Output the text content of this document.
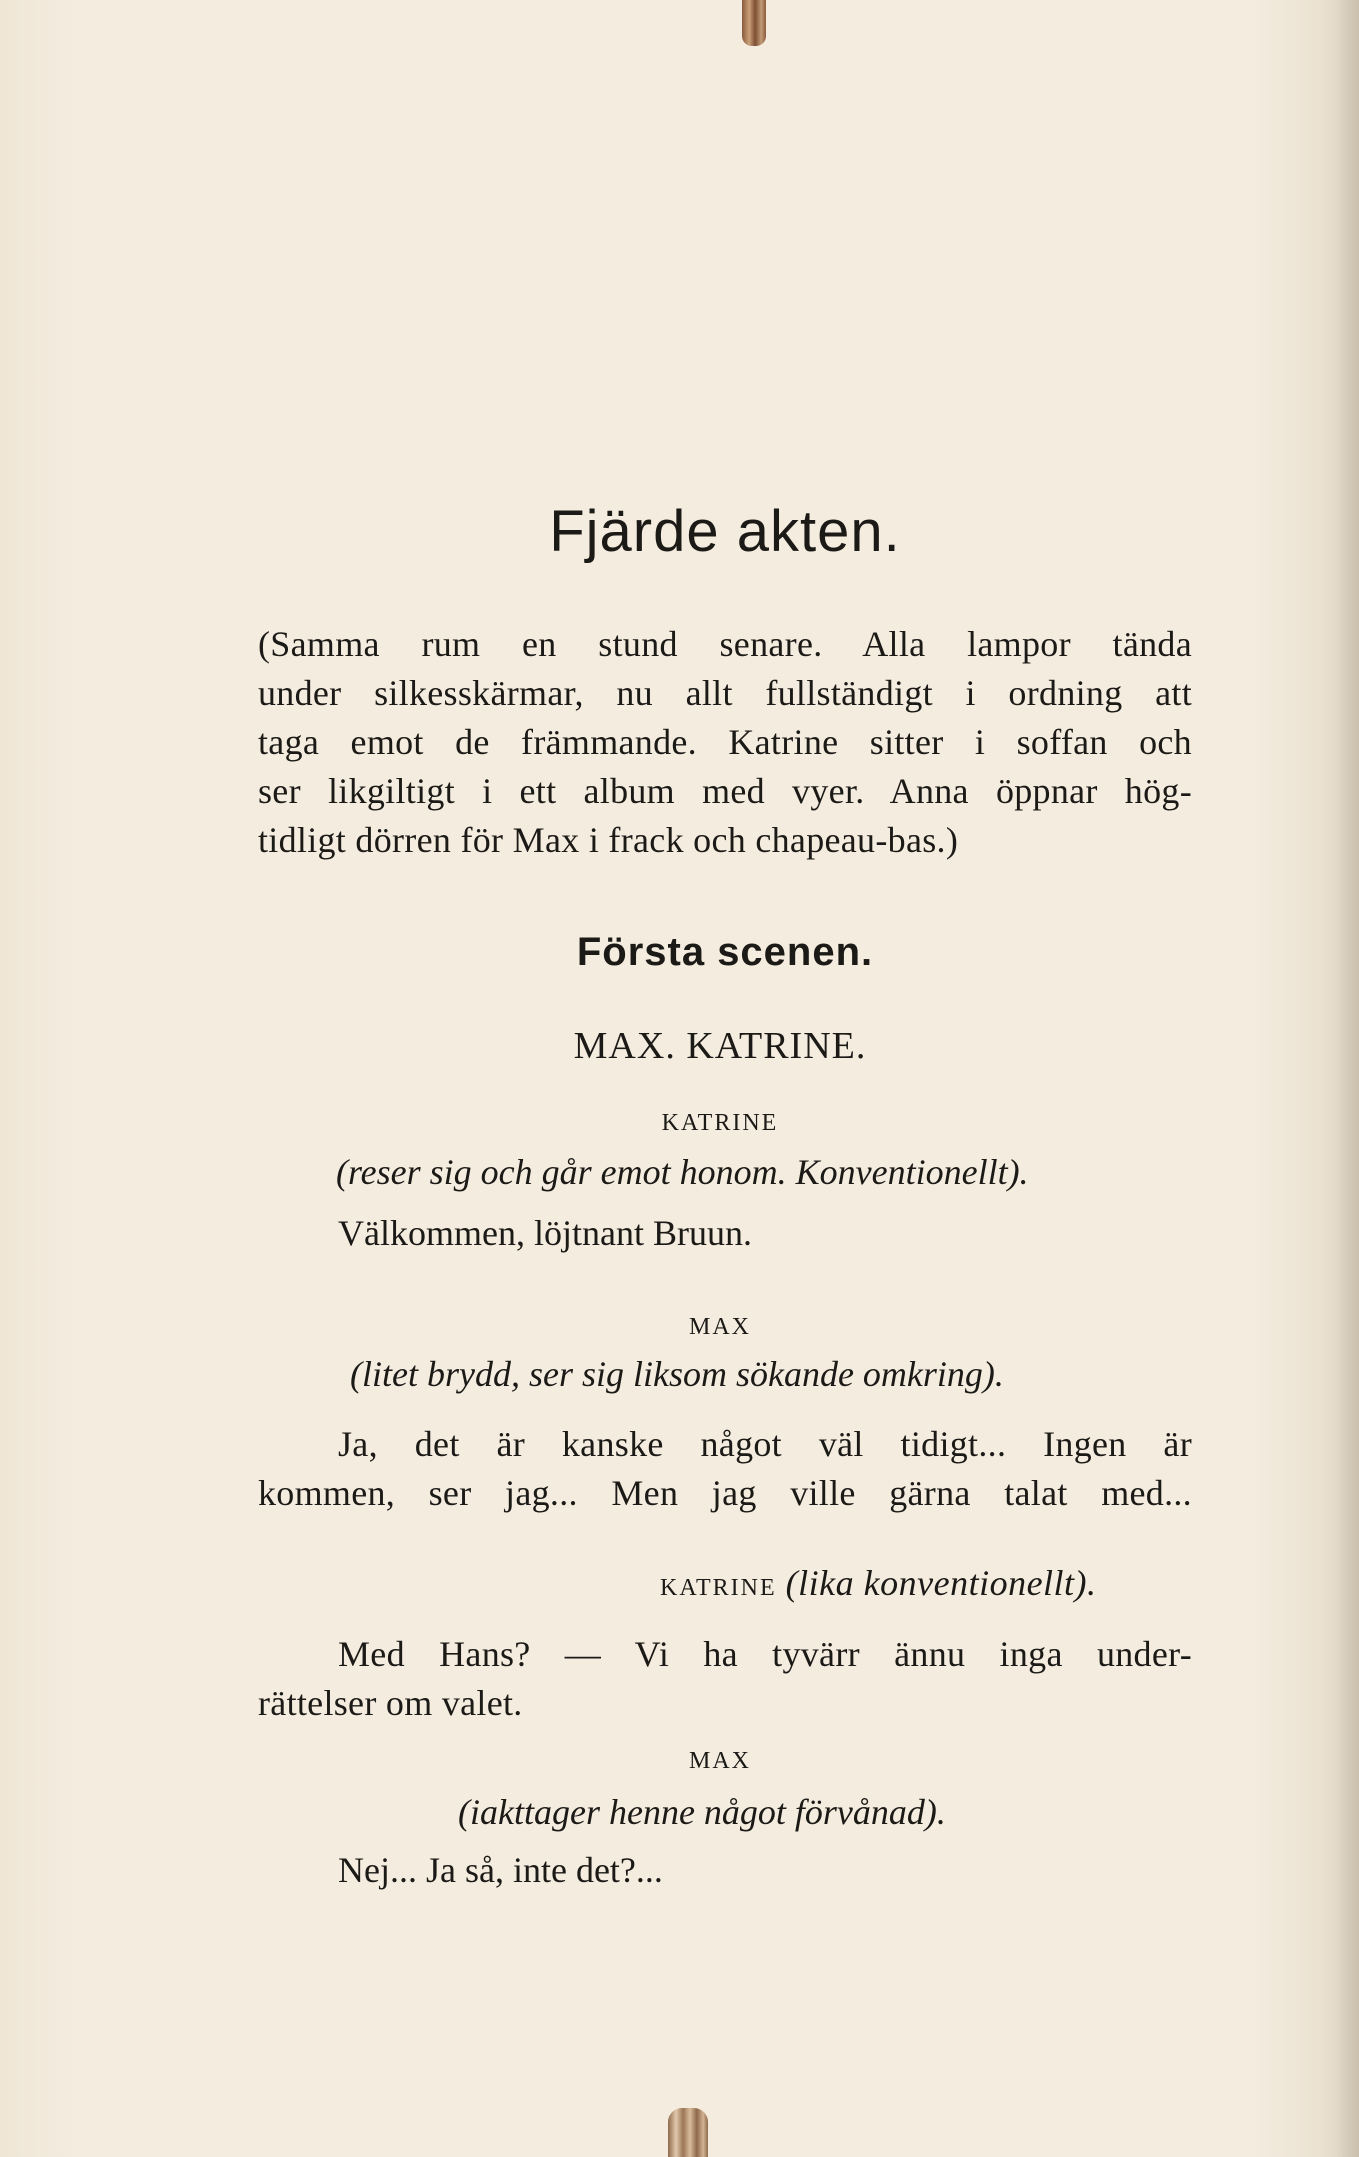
Fjärde akten.
(Samma rum en stund senare. Alla lampor tända
under silkesskärmar, nu allt fullständigt i ordning att
taga emot de främmande. Katrine sitter i soffan och
ser likgiltigt i ett album med vyer. Anna öppnar hög-
tidligt dörren för Max i frack och chapeau-bas.)
Första scenen.
MAX. KATRINE.
KATRINE
(reser sig och går emot honom. Konventionellt).
Välkommen, löjtnant Bruun.
MAX
(litet brydd, ser sig liksom sökande omkring).
Ja, det är kanske något väl tidigt... Ingen är
kommen, ser jag... Men jag ville gärna talat med...
KATRINE (lika konventionellt).
Med Hans? — Vi ha tyvärr ännu inga under-
rättelser om valet.
MAX
(iakttager henne något förvånad).
Nej... Ja så, inte det?...
